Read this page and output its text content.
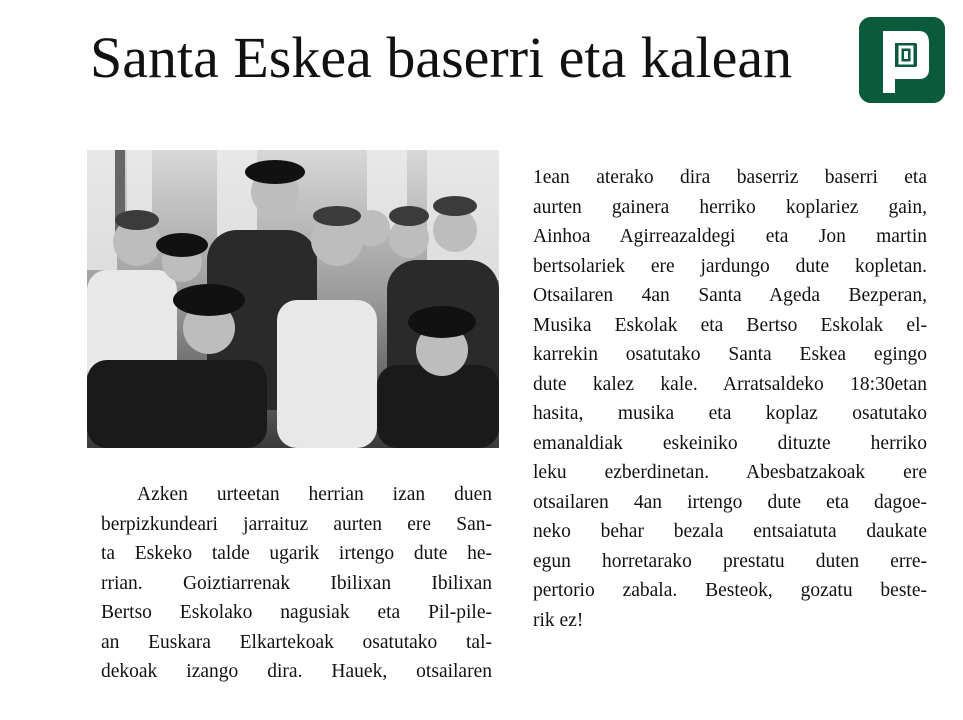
Santa Eskea baserri eta kalean
Azken urteetan herrian izan duen
berpizkundeari jarraituz aurten ere San-
ta Eskeko talde ugarik irtengo dute he-
rrian. Goiztiarrenak Ibilixan Ibilixan
Bertso Eskolako nagusiak eta Pil-pile-
an Euskara Elkartekoak osatutako tal-
dekoak izango dira. Hauek, otsailaren
1ean aterako dira baserriz baserri eta
aurten gainera herriko koplariez gain,
Ainhoa Agirreazaldegi eta Jon martin
bertsolariek ere jardungo dute kopletan.
Otsailaren 4an Santa Ageda Bezperan,
Musika Eskolak eta Bertso Eskolak el-
karrekin osatutako Santa Eskea egingo
dute kalez kale. Arratsaldeko 18:30etan
hasita, musika eta koplaz osatutako
emanaldiak eskeiniko dituzte herriko
leku ezberdinetan. Abesbatzakoak ere
otsailaren 4an irtengo dute eta dagoe-
neko behar bezala entsaiatuta daukate
egun horretarako prestatu duten erre-
pertorio zabala. Besteok, gozatu beste-
rik ez!
